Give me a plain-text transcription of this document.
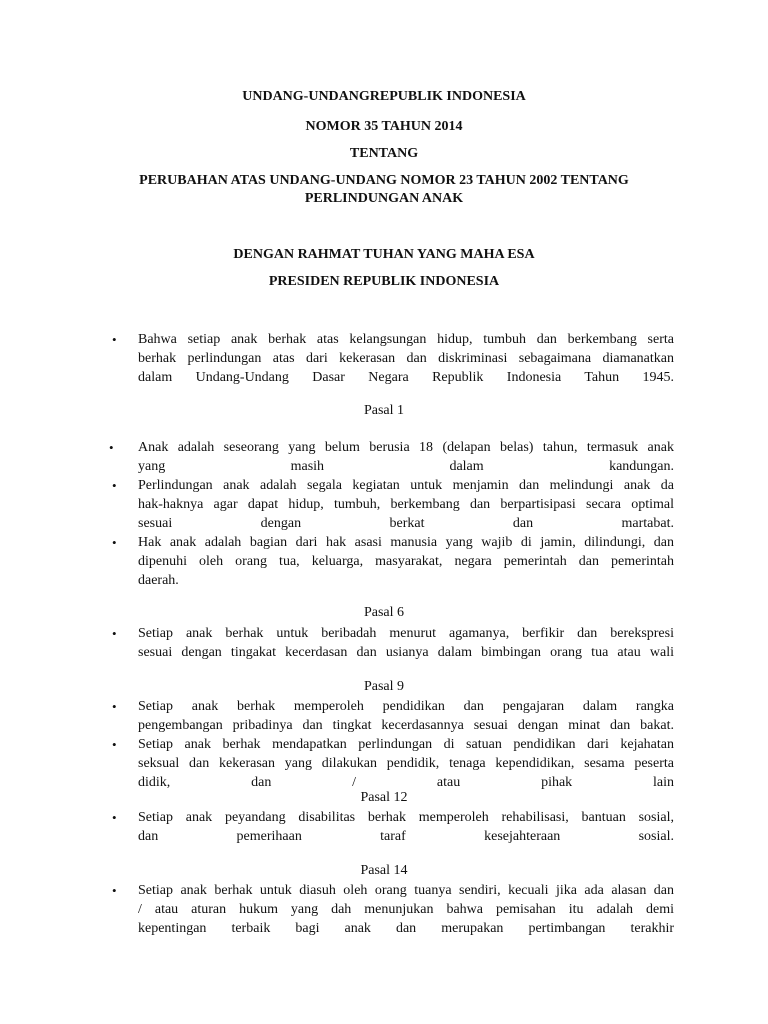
UNDANG-UNDANGREPUBLIK INDONESIA
NOMOR 35 TAHUN 2014
TENTANG
PERUBAHAN ATAS UNDANG-UNDANG NOMOR 23 TAHUN 2002 TENTANG
PERLINDUNGAN ANAK
DENGAN RAHMAT TUHAN YANG MAHA ESA
PRESIDEN REPUBLIK INDONESIA
• Bahwa setiap anak berhak atas kelangsungan hidup, tumbuh dan berkembang serta
berhak perlindungan atas dari kekerasan dan diskriminasi sebagaimana diamanatkan
dalam Undang-Undang Dasar Negara Republik Indonesia Tahun 1945.
Pasal 1
• Anak adalah seseorang yang belum berusia 18 (delapan belas) tahun, termasuk anak
yang masih dalam kandungan.
• Perlindungan anak adalah segala kegiatan untuk menjamin dan melindungi anak da
hak-haknya agar dapat hidup, tumbuh, berkembang dan berpartisipasi secara optimal
sesuai dengan berkat dan martabat.
• Hak anak adalah bagian dari hak asasi manusia yang wajib di jamin, dilindungi, dan
dipenuhi oleh orang tua, keluarga, masyarakat, negara pemerintah dan pemerintah
daerah.
Pasal 6
• Setiap anak berhak untuk beribadah menurut agamanya, berfikir dan berekspresi
sesuai dengan tingakat kecerdasan dan usianya dalam bimbingan orang tua atau wali
Pasal 9
• Setiap anak berhak memperoleh pendidikan dan pengajaran dalam rangka
pengembangan pribadinya dan tingkat kecerdasannya sesuai dengan minat dan bakat.
• Setiap anak berhak mendapatkan perlindungan di satuan pendidikan dari kejahatan
seksual dan kekerasan yang dilakukan pendidik, tenaga kependidikan, sesama peserta
didik, dan / atau pihak lain
Pasal 12
• Setiap anak peyandang disabilitas berhak memperoleh rehabilisasi, bantuan sosial,
dan pemerihaan taraf kesejahteraan sosial.
Pasal 14
• Setiap anak berhak untuk diasuh oleh orang tuanya sendiri, kecuali jika ada alasan dan
/ atau aturan hukum yang dah menunjukan bahwa pemisahan itu adalah demi
kepentingan terbaik bagi anak dan merupakan pertimbangan terakhir
